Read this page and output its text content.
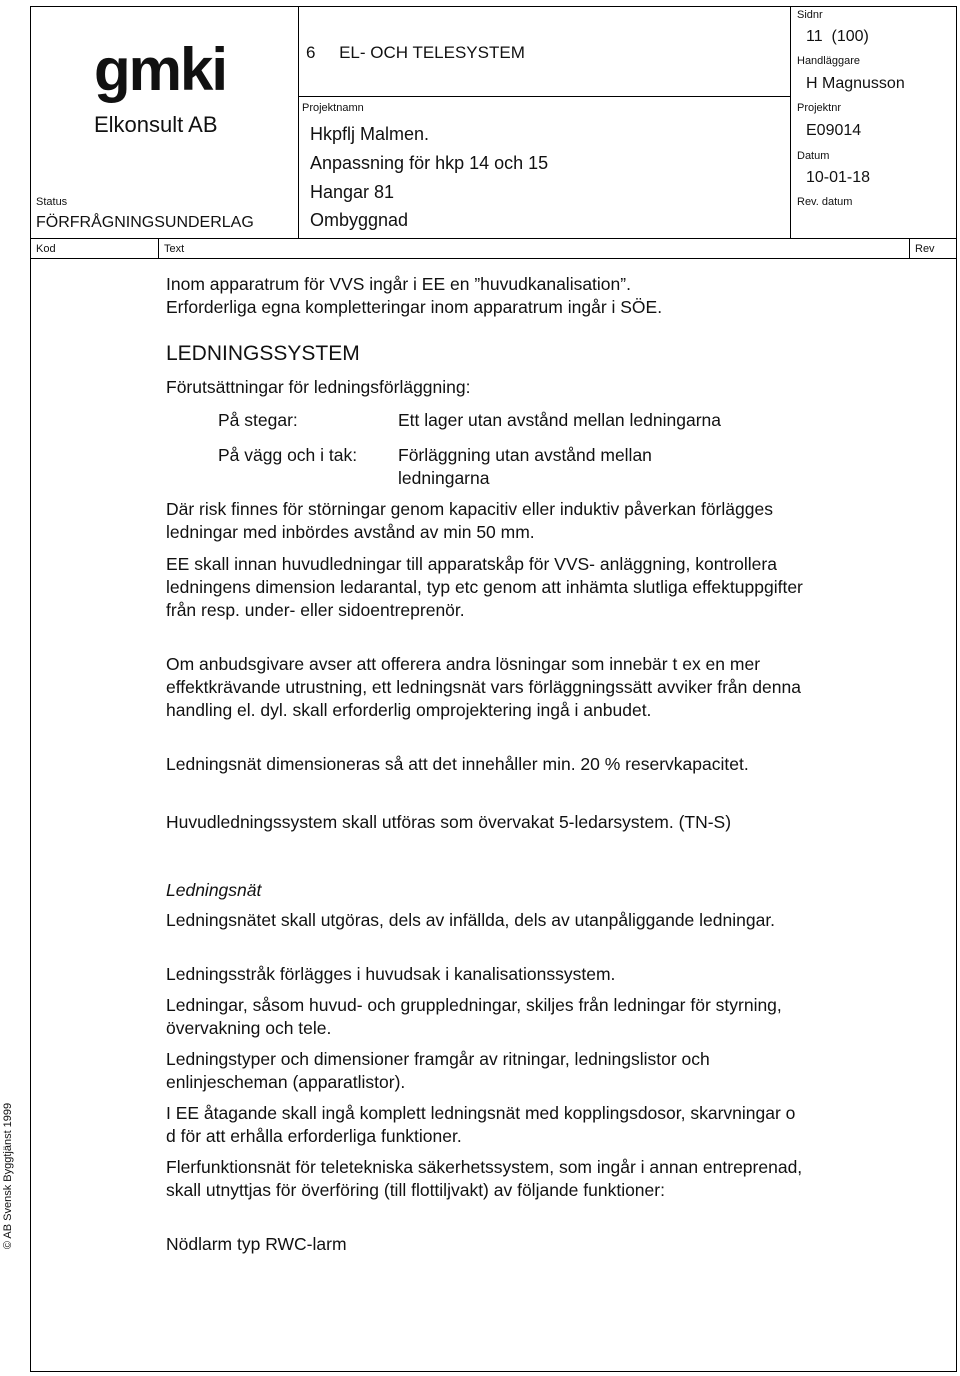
gmki
Elkonsult AB
Status
FÖRFRÅGNINGSUNDERLAG
6     EL- OCH TELESYSTEM
Projektnamn
Hkpflj Malmen.
Anpassning för hkp 14 och 15
Hangar 81
Ombyggnad
Sidnr
11  (100)
Handläggare
H Magnusson
Projektnr
E09014
Datum
10-01-18
Rev. datum
Kod	Text	Rev

Inom apparatrum för VVS ingår i EE en ”huvudkanalisation”.

Erforderliga egna kompletteringar inom apparatrum ingår i SÖE.

LEDNINGSSYSTEM
Förutsättningar för ledningsförläggning:
På stegar:	Ett lager utan avstånd mellan ledningarna
På vägg och i tak: Förläggning utan avstånd mellan
ledningarna
Där risk finnes för störningar genom kapacitiv eller induktiv påverkan förlägges ledningar med inbördes avstånd av min 50 mm.
EE skall innan huvudledningar till apparatskåp för VVS- anläggning, kontrollera ledningens dimension ledarantal, typ etc genom att inhämta slutliga effektuppgifter från resp. under- eller sidoentreprenör.
Om anbudsgivare avser att offerera andra lösningar som innebär t ex en mer effektkrävande utrustning, ett ledningsnät vars förläggningssätt avviker från denna handling el. dyl. skall erforderlig omprojektering ingå i anbudet.
Ledningsnät dimensioneras så att det innehåller min. 20 % reservkapacitet.
Huvudledningssystem skall utföras som övervakat 5-ledarsystem. (TN-S)
Ledningsnät
Ledningsnätet skall utgöras, dels av infällda, dels av utanpåliggande ledningar.
Ledningsstråk förlägges i huvudsak i kanalisationssystem.
Ledningar, såsom huvud- och gruppledningar, skiljes från ledningar för styrning, övervakning och tele.
Ledningstyper och dimensioner framgår av ritningar, ledningslistor och enlinjescheman (apparatlistor).
I EE åtagande skall ingå komplett ledningsnät med kopplingsdosor, skarvningar o d för att erhålla erforderliga funktioner.
Flerfunktionsnät för teletekniska säkerhetssystem, som ingår i annan entreprenad, skall utnyttjas för överföring (till flottiljvakt) av följande funktioner:
Nödlarm typ RWC-larm
© AB Svensk Byggtjänst 1999
